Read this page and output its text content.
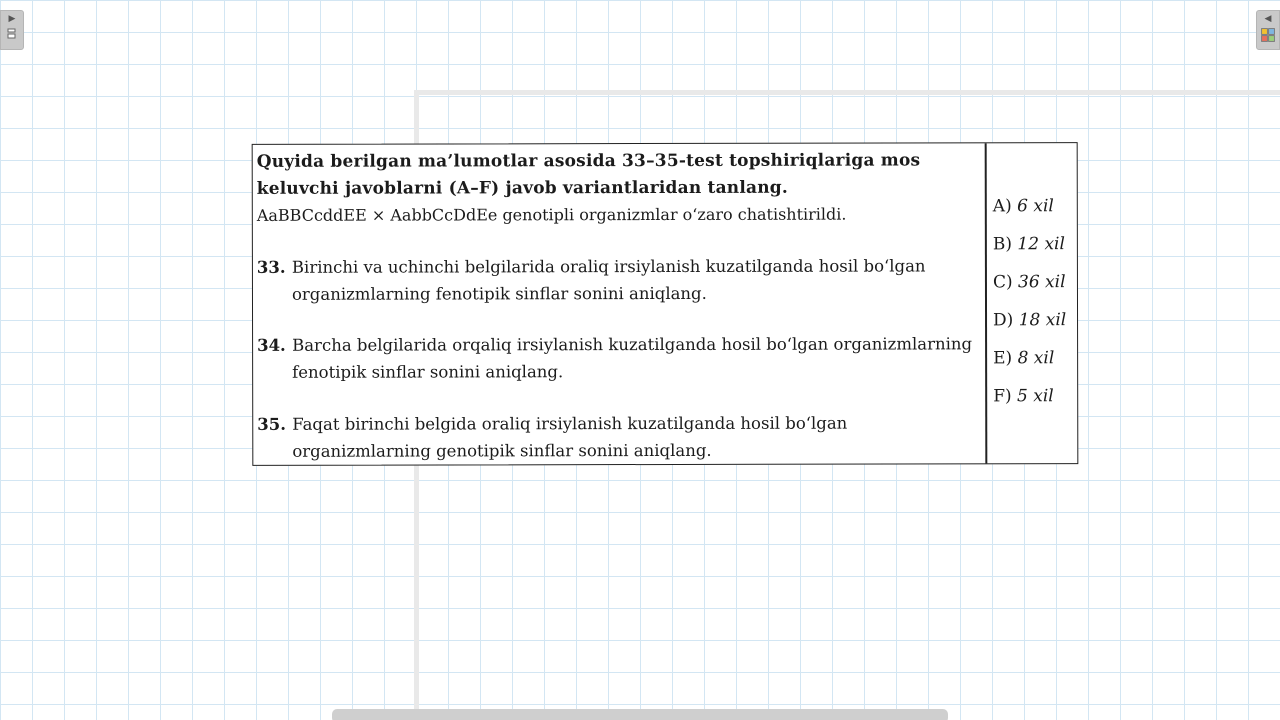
▶	◀

Quyida berilgan ma’lumotlar asosida 33–35-test topshiriqlariga mos

keluvchi javoblarni (A–F) javob variantlaridan tanlang.

AaBBCcddEE × AabbCcDdEe genotipli organizmlar o‘zaro chatishtirildi.

33. Birinchi va uchinchi belgilarida oraliq irsiylanish kuzatilganda hosil bo‘lgan organizmlarning fenotipik sinflar sonini aniqlang.
34. Barcha belgilarida orqaliq irsiylanish kuzatilganda hosil bo‘lgan organizmlarning fenotipik sinflar sonini aniqlang.
35. Faqat birinchi belgida oraliq irsiylanish kuzatilganda hosil bo‘lgan organizmlarning genotipik sinflar sonini aniqlang.
A) 6 xil
B) 12 xil
C) 36 xil
D) 18 xil
E) 8 xil
F) 5 xil
